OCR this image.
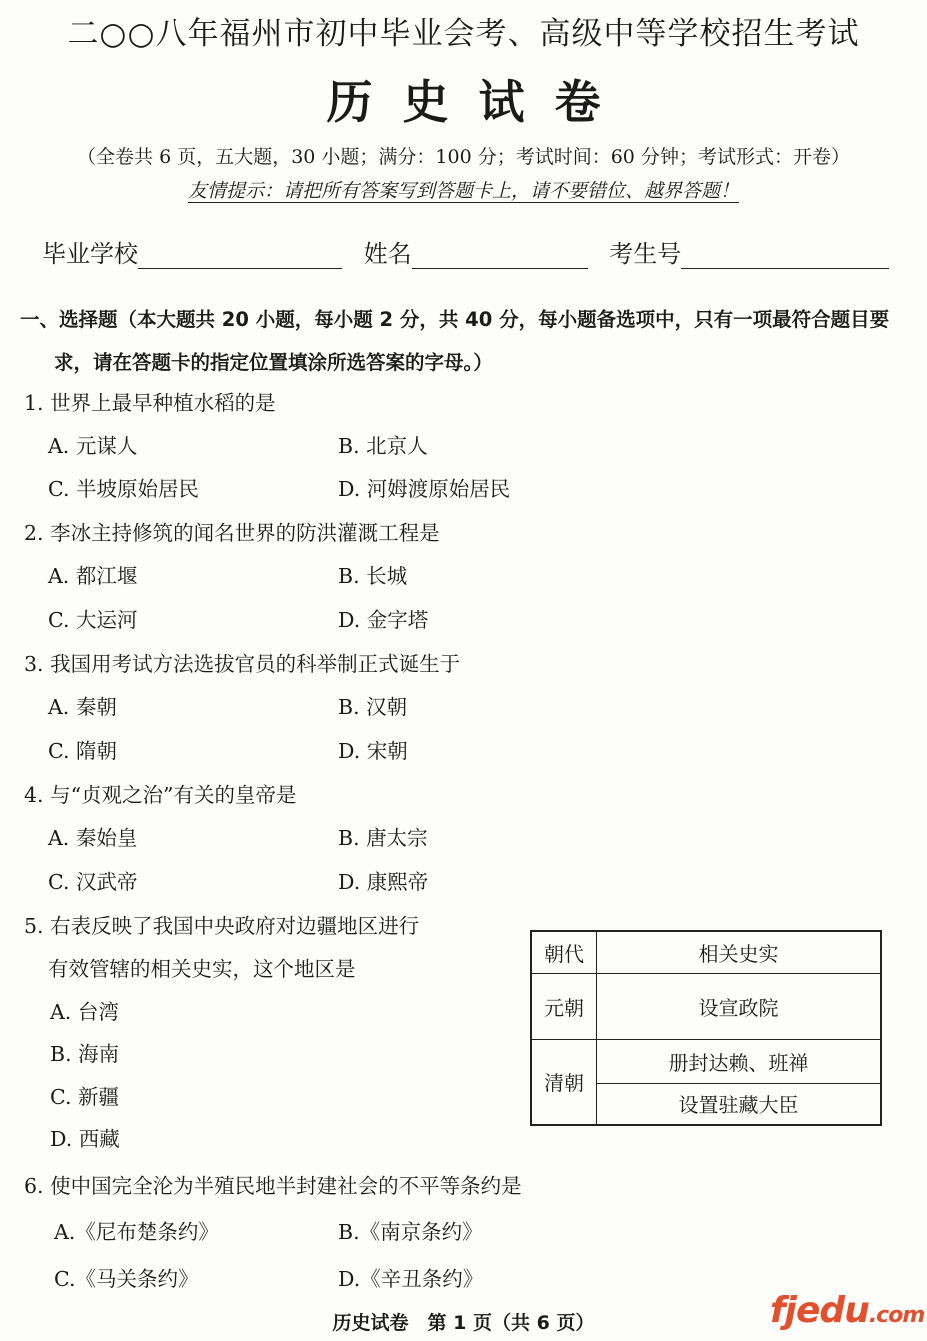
二○○八年福州市初中毕业会考、高级中等学校招生考试
历史试卷
（全卷共 6 页，五大题，30 小题；满分：100 分；考试时间：60 分钟；考试形式：开卷）
友情提示：请把所有答案写到答题卡上，请不要错位、越界答题！
毕业学校	姓名	考生号
一、选择题（本大题共 20 小题，每小题 2 分，共 40 分，每小题备选项中，只有一项最符合题目要
求，请在答题卡的指定位置填涂所选答案的字母。）
1. 世界上最早种植水稻的是
A. 元谋人	B. 北京人
C. 半坡原始居民	D. 河姆渡原始居民
2. 李冰主持修筑的闻名世界的防洪灌溉工程是
A. 都江堰	B. 长城
C. 大运河	D. 金字塔
3. 我国用考试方法选拔官员的科举制正式诞生于
A. 秦朝	B. 汉朝
C. 隋朝	D. 宋朝
4. 与“贞观之治”有关的皇帝是
A. 秦始皇	B. 唐太宗
C. 汉武帝	D. 康熙帝
5. 右表反映了我国中央政府对边疆地区进行
有效管辖的相关史实，这个地区是
A. 台湾
B. 海南
C. 新疆
D. 西藏
朝代	相关史实
元朝	设宣政院
清朝	册封达赖、班禅
	设置驻藏大臣
6. 使中国完全沦为半殖民地半封建社会的不平等条约是
A.《尼布楚条约》	B.《南京条约》
C.《马关条约》	D.《辛丑条约》
历史试卷　第 1 页（共 6 页）	fjedu.com
